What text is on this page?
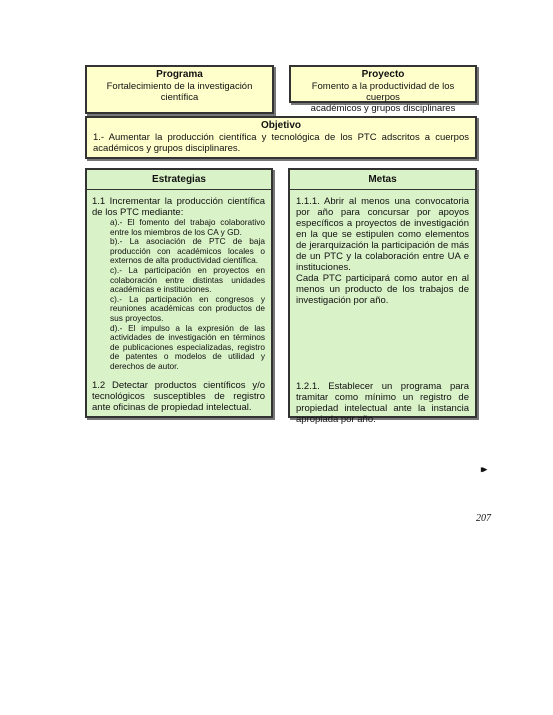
Programa
Fortalecimiento de la investigación
científica
Proyecto
Fomento a la productividad de los cuerpos
académicos y grupos disciplinares
Objetivo
1.- Aumentar la producción científica y tecnológica de los PTC adscritos a cuerpos académicos y grupos disciplinares.
Estrategias
1.1 Incrementar la producción científica de los PTC mediante:
a).- El fomento del trabajo colaborativo entre los miembros de los CA y GD.
b).- La asociación de PTC de baja producción con académicos locales o externos de alta productividad científica.
c).- La participación en proyectos en colaboración entre distintas unidades académicas e instituciones.
c).- La participación en congresos y reuniones académicas con productos de sus proyectos.
d).- El impulso a la expresión de las actividades de investigación en términos de publicaciones especializadas, registro de patentes o modelos de utilidad y derechos de autor.
1.2 Detectar productos científicos y/o tecnológicos susceptibles de registro ante oficinas de propiedad intelectual.
Metas
1.1.1. Abrir al menos una convocatoria por año para concursar por apoyos específicos a proyectos de investigación en la que se estipulen como elementos de jerarquización la participación de más de un PTC y la colaboración entre UA e instituciones.
Cada PTC participará como autor en al menos un producto de los trabajos de investigación por año.
1.2.1. Establecer un programa para tramitar como mínimo un registro de propiedad intelectual ante la instancia apropiada por año.
▸▸
207
